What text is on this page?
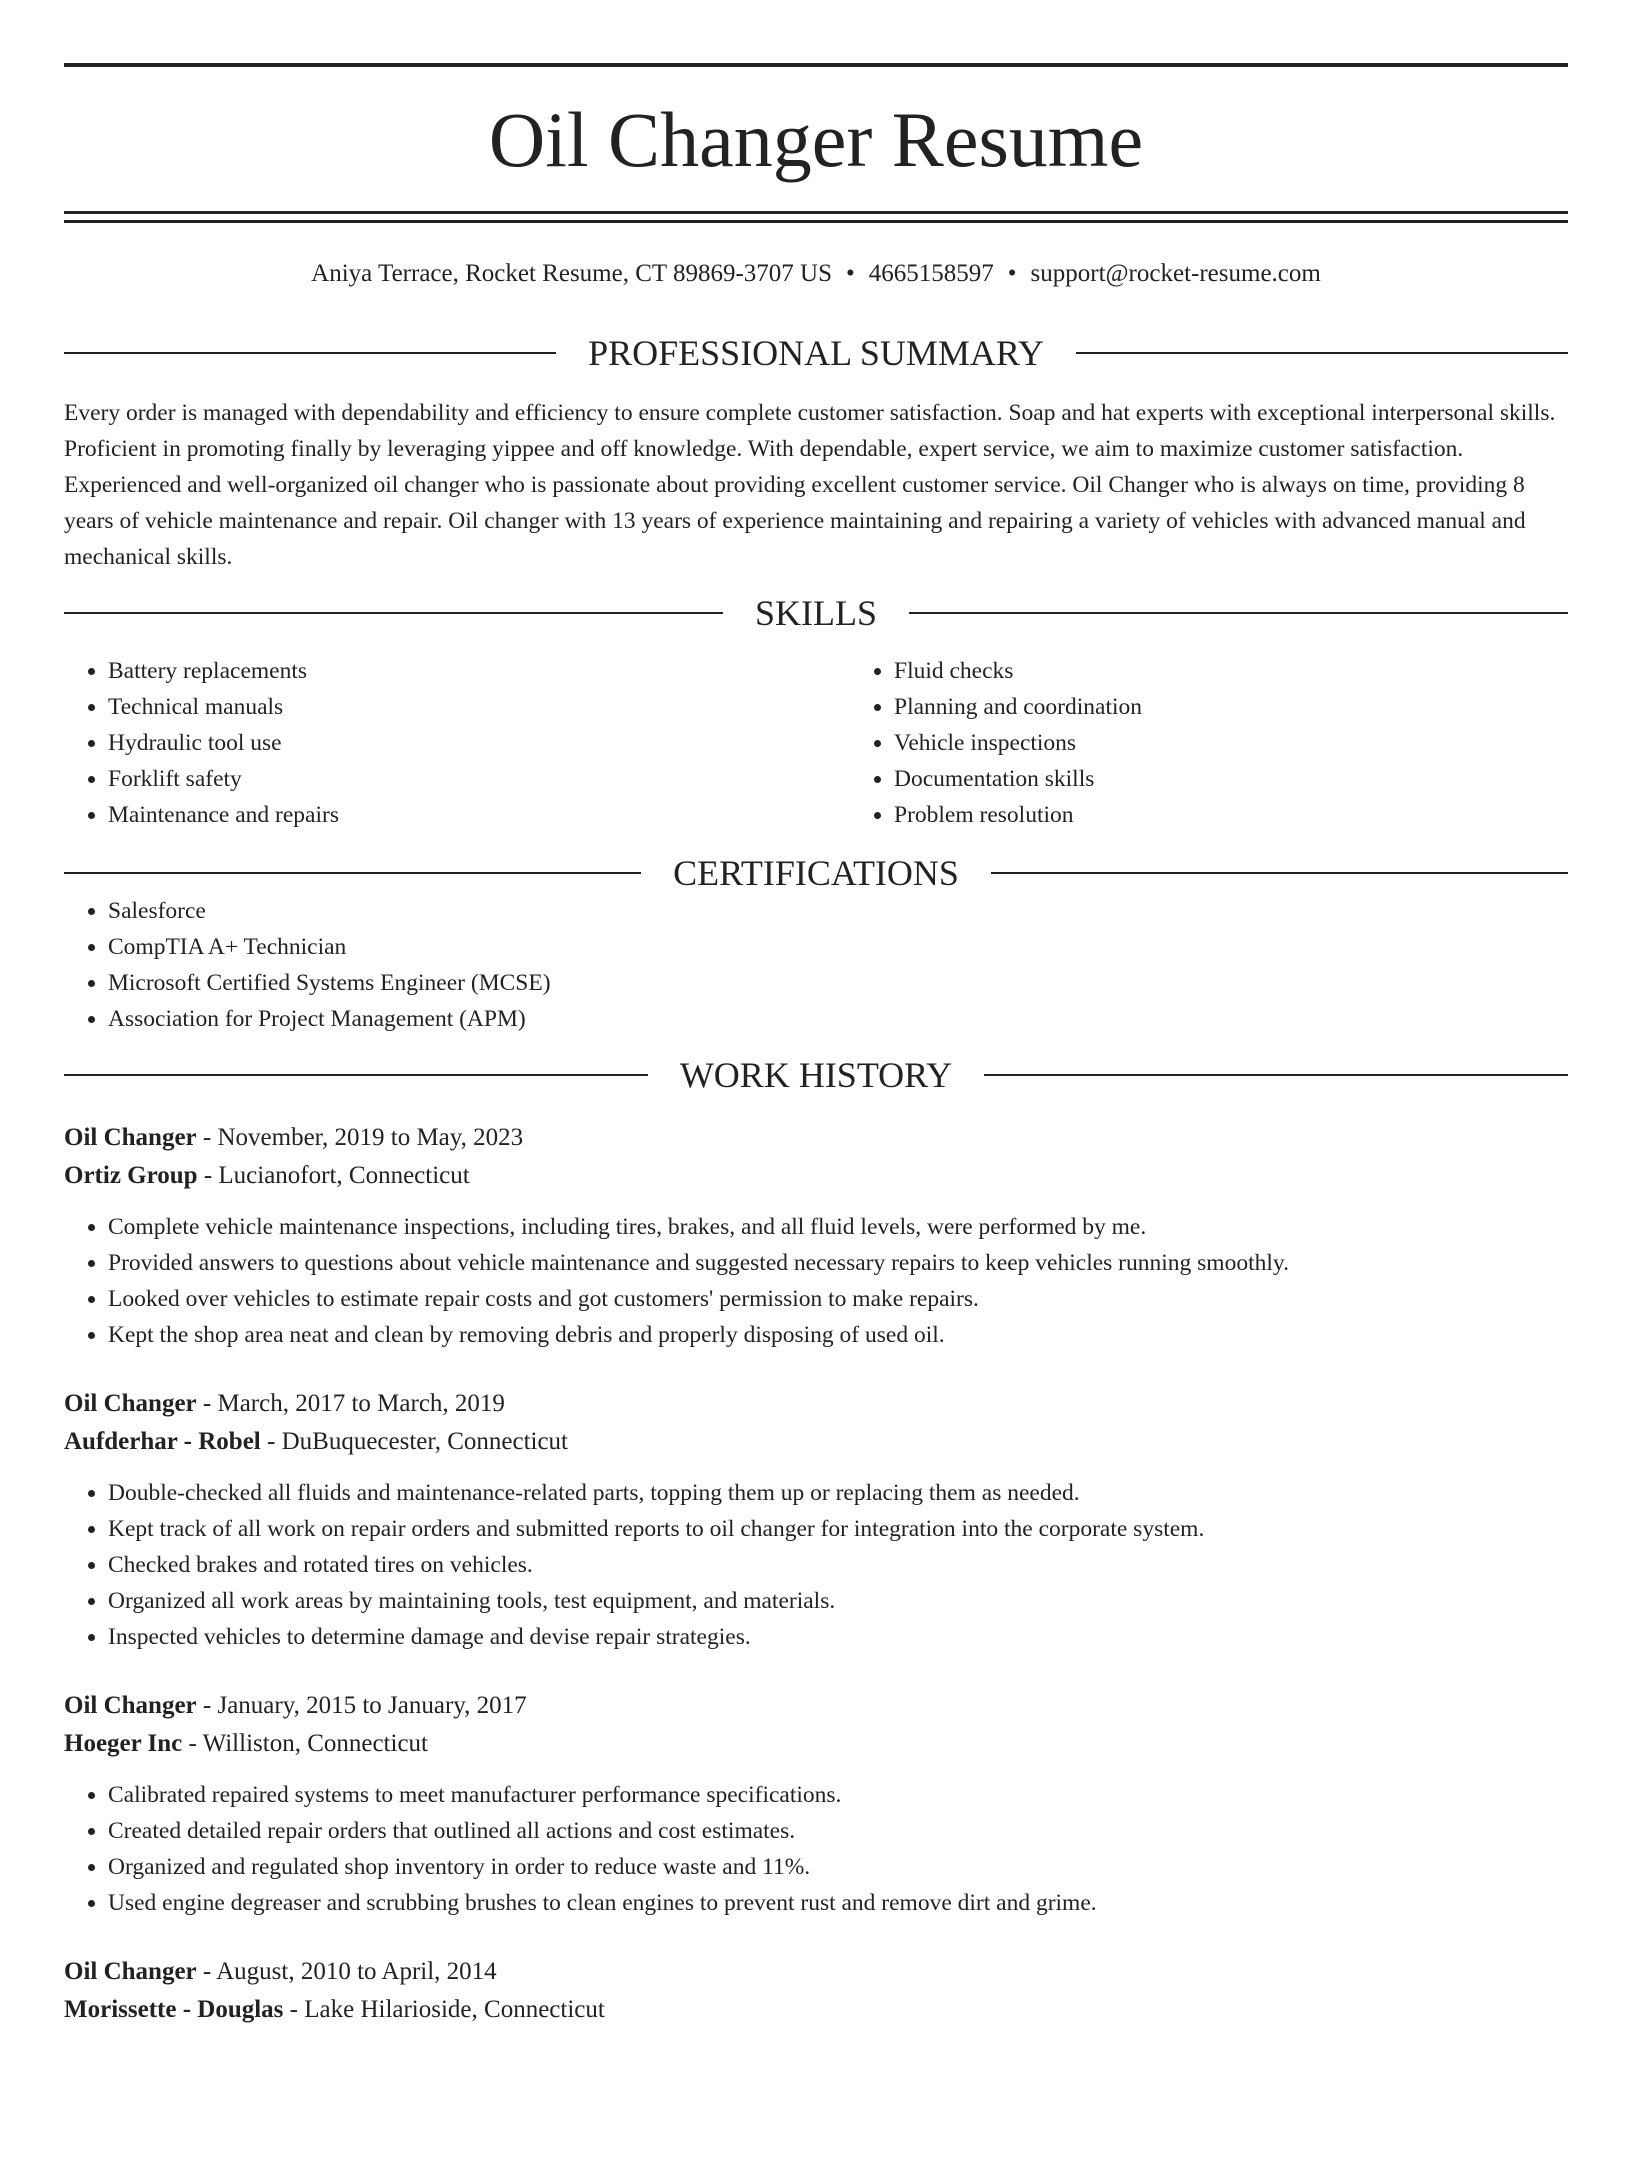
Oil Changer Resume
Aniya Terrace, Rocket Resume, CT 89869-3707 US • 4665158597 • support@rocket-resume.com
PROFESSIONAL SUMMARY

Every order is managed with dependability and efficiency to ensure complete customer satisfaction. Soap and hat experts with exceptional interpersonal skills. Proficient in promoting finally by leveraging yippee and off knowledge. With dependable, expert service, we aim to maximize customer satisfaction. Experienced and well-organized oil changer who is passionate about providing excellent customer service. Oil Changer who is always on time, providing 8 years of vehicle maintenance and repair. Oil changer with 13 years of experience maintaining and repairing a variety of vehicles with advanced manual and mechanical skills.

SKILLS
• Battery replacements
• Technical manuals
• Hydraulic tool use
• Forklift safety
• Maintenance and repairs
• Fluid checks
• Planning and coordination
• Vehicle inspections
• Documentation skills
• Problem resolution
CERTIFICATIONS
• Salesforce
• CompTIA A+ Technician
• Microsoft Certified Systems Engineer (MCSE)
• Association for Project Management (APM)
WORK HISTORY
Oil Changer - November, 2019 to May, 2023
Ortiz Group - Lucianofort, Connecticut
• Complete vehicle maintenance inspections, including tires, brakes, and all fluid levels, were performed by me.
• Provided answers to questions about vehicle maintenance and suggested necessary repairs to keep vehicles running smoothly.
• Looked over vehicles to estimate repair costs and got customers' permission to make repairs.
• Kept the shop area neat and clean by removing debris and properly disposing of used oil.
Oil Changer - March, 2017 to March, 2019
Aufderhar - Robel - DuBuquecester, Connecticut
• Double-checked all fluids and maintenance-related parts, topping them up or replacing them as needed.
• Kept track of all work on repair orders and submitted reports to oil changer for integration into the corporate system.
• Checked brakes and rotated tires on vehicles.
• Organized all work areas by maintaining tools, test equipment, and materials.
• Inspected vehicles to determine damage and devise repair strategies.
Oil Changer - January, 2015 to January, 2017
Hoeger Inc - Williston, Connecticut
• Calibrated repaired systems to meet manufacturer performance specifications.
• Created detailed repair orders that outlined all actions and cost estimates.
• Organized and regulated shop inventory in order to reduce waste and 11%.
• Used engine degreaser and scrubbing brushes to clean engines to prevent rust and remove dirt and grime.
Oil Changer - August, 2010 to April, 2014
Morissette - Douglas - Lake Hilarioside, Connecticut
